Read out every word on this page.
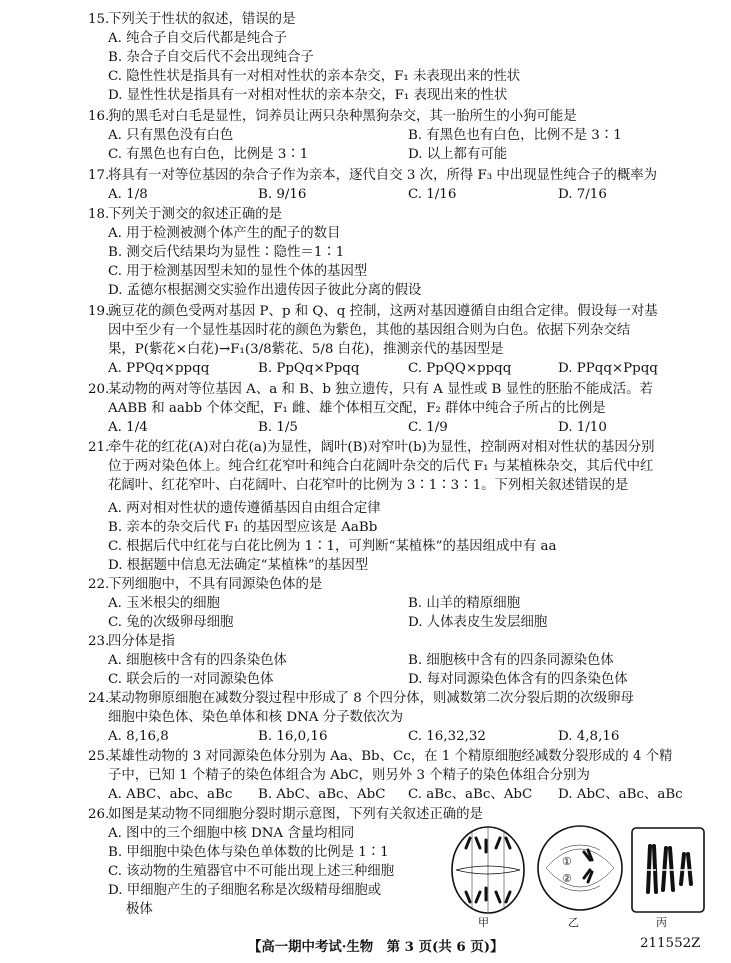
15.下列关于性状的叙述，错误的是
A. 纯合子自交后代都是纯合子
B. 杂合子自交后代不会出现纯合子
C. 隐性性状是指具有一对相对性状的亲本杂交，F₁ 未表现出来的性状
D. 显性性状是指具有一对相对性状的亲本杂交，F₁ 表现出来的性状
16.狗的黑毛对白毛是显性，饲养员让两只杂种黑狗杂交，其一胎所生的小狗可能是
A. 只有黑色没有白色	B. 有黑色也有白色，比例不是 3∶1
C. 有黑色也有白色，比例是 3∶1	D. 以上都有可能
17.将具有一对等位基因的杂合子作为亲本，逐代自交 3 次，所得 F₃ 中出现显性纯合子的概率为
A. 1/8	B. 9/16	C. 1/16	D. 7/16
18.下列关于测交的叙述正确的是
A. 用于检测被测个体产生的配子的数目
B. 测交后代结果均为显性∶隐性＝1∶1
C. 用于检测基因型未知的显性个体的基因型
D. 孟德尔根据测交实验作出遗传因子彼此分离的假设
19.豌豆花的颜色受两对基因 P、p 和 Q、q 控制，这两对基因遵循自由组合定律。假设每一对基
因中至少有一个显性基因时花的颜色为紫色，其他的基因组合则为白色。依据下列杂交结
果，P(紫花×白花)→F₁(3/8紫花、5/8 白花)，推测亲代的基因型是
A. PPQq×ppqq	B. PpQq×Ppqq	C. PpQQ×ppqq	D. PPqq×Ppqq
20.某动物的两对等位基因 A、a 和 B、b 独立遗传，只有 A 显性或 B 显性的胚胎不能成活。若
AABB 和 aabb 个体交配，F₁ 雌、雄个体相互交配，F₂ 群体中纯合子所占的比例是
A. 1/4	B. 1/5	C. 1/9	D. 1/10
21.牵牛花的红花(A)对白花(a)为显性，阔叶(B)对窄叶(b)为显性，控制两对相对性状的基因分别
位于两对染色体上。纯合红花窄叶和纯合白花阔叶杂交的后代 F₁ 与某植株杂交，其后代中红
花阔叶、红花窄叶、白花阔叶、白花窄叶的比例为 3∶1∶3∶1。下列相关叙述错误的是
A. 两对相对性状的遗传遵循基因自由组合定律
B. 亲本的杂交后代 F₁ 的基因型应该是 AaBb
C. 根据后代中红花与白花比例为 1∶1，可判断“某植株”的基因组成中有 aa
D. 根据题中信息无法确定“某植株”的基因型
22.下列细胞中，不具有同源染色体的是
A. 玉米根尖的细胞	B. 山羊的精原细胞
C. 兔的次级卵母细胞	D. 人体表皮生发层细胞
23.四分体是指
A. 细胞核中含有的四条染色体	B. 细胞核中含有的四条同源染色体
C. 联会后的一对同源染色体	D. 每对同源染色体含有的四条染色体
24.某动物卵原细胞在减数分裂过程中形成了 8 个四分体，则减数第二次分裂后期的次级卵母
细胞中染色体、染色单体和核 DNA 分子数依次为
A. 8,16,8	B. 16,0,16	C. 16,32,32	D. 4,8,16
25.某雄性动物的 3 对同源染色体分别为 Aa、Bb、Cc，在 1 个精原细胞经减数分裂形成的 4 个精
子中，已知 1 个精子的染色体组合为 AbC，则另外 3 个精子的染色体组合分别为
A. ABC、abc、aBc	B. AbC、aBc、AbC	C. aBc、aBc、AbC	D. AbC、aBc、aBc
26.如图是某动物不同细胞分裂时期示意图，下列有关叙述正确的是
A. 图中的三个细胞中核 DNA 含量均相同
B. 甲细胞中染色体与染色单体数的比例是 1∶1
C. 该动物的生殖器官中不可能出现上述三种细胞
D. 甲细胞产生的子细胞名称是次级精母细胞或
极体
①
②
甲	乙	丙
【高一期中考试·生物　第 3 页(共 6 页)】	211552Z
